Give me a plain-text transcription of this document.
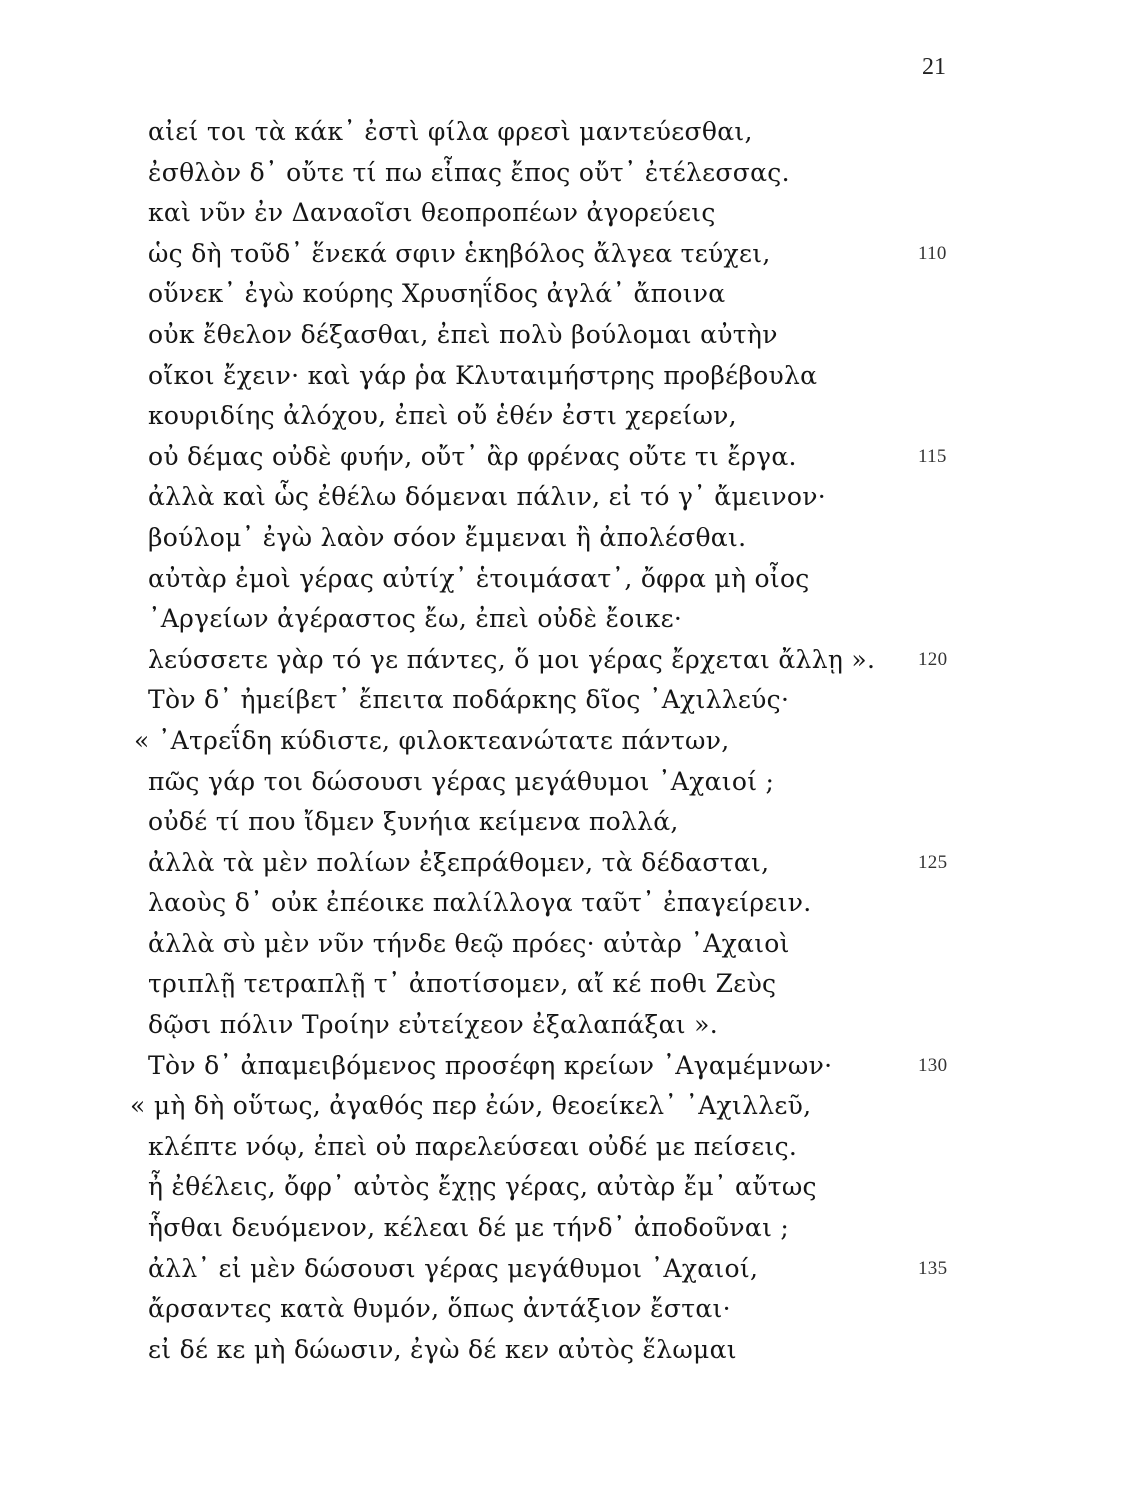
21
αἰεί τοι τὰ κάκ᾽ ἐστὶ φίλα φρεσὶ μαντεύεσθαι,
ἐσθλὸν δ᾽ οὔτε τί πω εἶπας ἔπος οὔτ᾽ ἐτέλεσσας.
καὶ νῦν ἐν Δαναοῖσι θεοπροπέων ἀγορεύεις
ὡς δὴ τοῦδ᾽ ἕνεκά σφιν ἑκηβόλος ἄλγεα τεύχει,	110
οὕνεκ᾽ ἐγὼ κούρης Χρυσηΐδος ἀγλά᾽ ἄποινα
οὐκ ἔθελον δέξασθαι, ἐπεὶ πολὺ βούλομαι αὐτὴν
οἴκοι ἔχειν· καὶ γάρ ῥα Κλυταιμήστρης προβέβουλα
κουριδίης ἀλόχου, ἐπεὶ οὔ ἑθέν ἐστι χερείων,
οὐ δέμας οὐδὲ φυήν, οὔτ᾽ ἂρ φρένας οὔτε τι ἔργα.	115
ἀλλὰ καὶ ὧς ἐθέλω δόμεναι πάλιν, εἰ τό γ᾽ ἄμεινον·
βούλομ᾽ ἐγὼ λαὸν σόον ἔμμεναι ἢ ἀπολέσθαι.
αὐτὰρ ἐμοὶ γέρας αὐτίχ᾽ ἑτοιμάσατ᾽, ὄφρα μὴ οἶος
᾿Αργείων ἀγέραστος ἔω, ἐπεὶ οὐδὲ ἔοικε·
λεύσσετε γὰρ τό γε πάντες, ὅ μοι γέρας ἔρχεται ἄλλῃ ». 120
Τὸν δ᾽ ἠμείβετ᾽ ἔπειτα ποδάρκης δῖος ᾿Αχιλλεύς·
« ᾿Ατρεΐδη κύδιστε, φιλοκτεανώτατε πάντων,
πῶς γάρ τοι δώσουσι γέρας μεγάθυμοι ᾿Αχαιοί ;
οὐδέ τί που ἴδμεν ξυνήια κείμενα πολλά,
ἀλλὰ τὰ μὲν πολίων ἐξεπράθομεν, τὰ δέδασται,	125
λαοὺς δ᾽ οὐκ ἐπέοικε παλίλλογα ταῦτ᾽ ἐπαγείρειν.
ἀλλὰ σὺ μὲν νῦν τήνδε θεῷ πρόες· αὐτὰρ ᾿Αχαιοὶ
τριπλῇ τετραπλῇ τ᾽ ἀποτίσομεν, αἴ κέ ποθι Ζεὺς
δῷσι πόλιν Τροίην εὐτείχεον ἐξαλαπάξαι ».
Τὸν δ᾽ ἀπαμειβόμενος προσέφη κρείων ᾿Αγαμέμνων·	130
« μὴ δὴ οὕτως, ἀγαθός περ ἐών, θεοείκελ᾽ ᾿Αχιλλεῦ,
κλέπτε νόῳ, ἐπεὶ οὐ παρελεύσεαι οὐδέ με πείσεις.
ἦ ἐθέλεις, ὄφρ᾽ αὐτὸς ἔχῃς γέρας, αὐτὰρ ἔμ᾽ αὔτως
ἧσθαι δευόμενον, κέλεαι δέ με τήνδ᾽ ἀποδοῦναι ;
ἀλλ᾽ εἰ μὲν δώσουσι γέρας μεγάθυμοι ᾿Αχαιοί,	135
ἄρσαντες κατὰ θυμόν, ὅπως ἀντάξιον ἔσται·
εἰ δέ κε μὴ δώωσιν, ἐγὼ δέ κεν αὐτὸς ἕλωμαι
